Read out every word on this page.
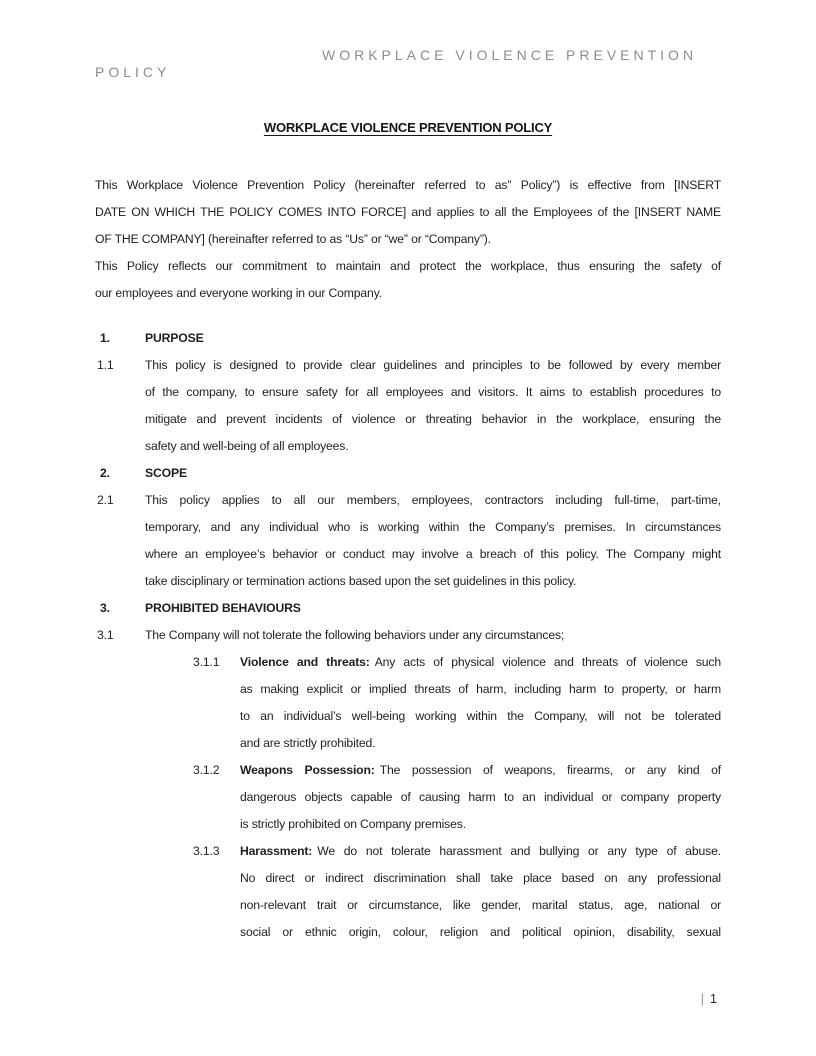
WORKPLACE VIOLENCE PREVENTION
POLICY
WORKPLACE VIOLENCE PREVENTION POLICY

This Workplace Violence Prevention Policy (hereinafter referred to as” Policy”) is effective from [INSERT
DATE ON WHICH THE POLICY COMES INTO FORCE] and applies to all the Employees of the [INSERT NAME
OF THE COMPANY] (hereinafter referred to as “Us” or “we” or “Company”).

This Policy reflects our commitment to maintain and protect the workplace, thus ensuring the safety of
our employees and everyone working in our Company.

1.	PURPOSE
1.1	This policy is designed to provide clear guidelines and principles to be followed by every member
of the company, to ensure safety for all employees and visitors. It aims to establish procedures to
mitigate and prevent incidents of violence or threating behavior in the workplace, ensuring the
safety and well-being of all employees.
2.	SCOPE
2.1	This policy applies to all our members, employees, contractors including full-time, part-time,
temporary, and any individual who is working within the Company’s premises. In circumstances
where an employee’s behavior or conduct may involve a breach of this policy. The Company might
take disciplinary or termination actions based upon the set guidelines in this policy.
3.	PROHIBITED BEHAVIOURS
3.1	The Company will not tolerate the following behaviors under any circumstances;
3.1.1 Violence and threats: Any acts of physical violence and threats of violence such
as making explicit or implied threats of harm, including harm to property, or harm
to an individual’s well-being working within the Company, will not be tolerated
and are strictly prohibited.
3.1.2 Weapons Possession: The possession of weapons, firearms, or any kind of
dangerous objects capable of causing harm to an individual or company property
is strictly prohibited on Company premises.
3.1.3 Harassment: We do not tolerate harassment and bullying or any type of abuse.
No direct or indirect discrimination shall take place based on any professional
non-relevant trait or circumstance, like gender, marital status, age, national or
social or ethnic origin, colour, religion and political opinion, disability, sexual
| 1
